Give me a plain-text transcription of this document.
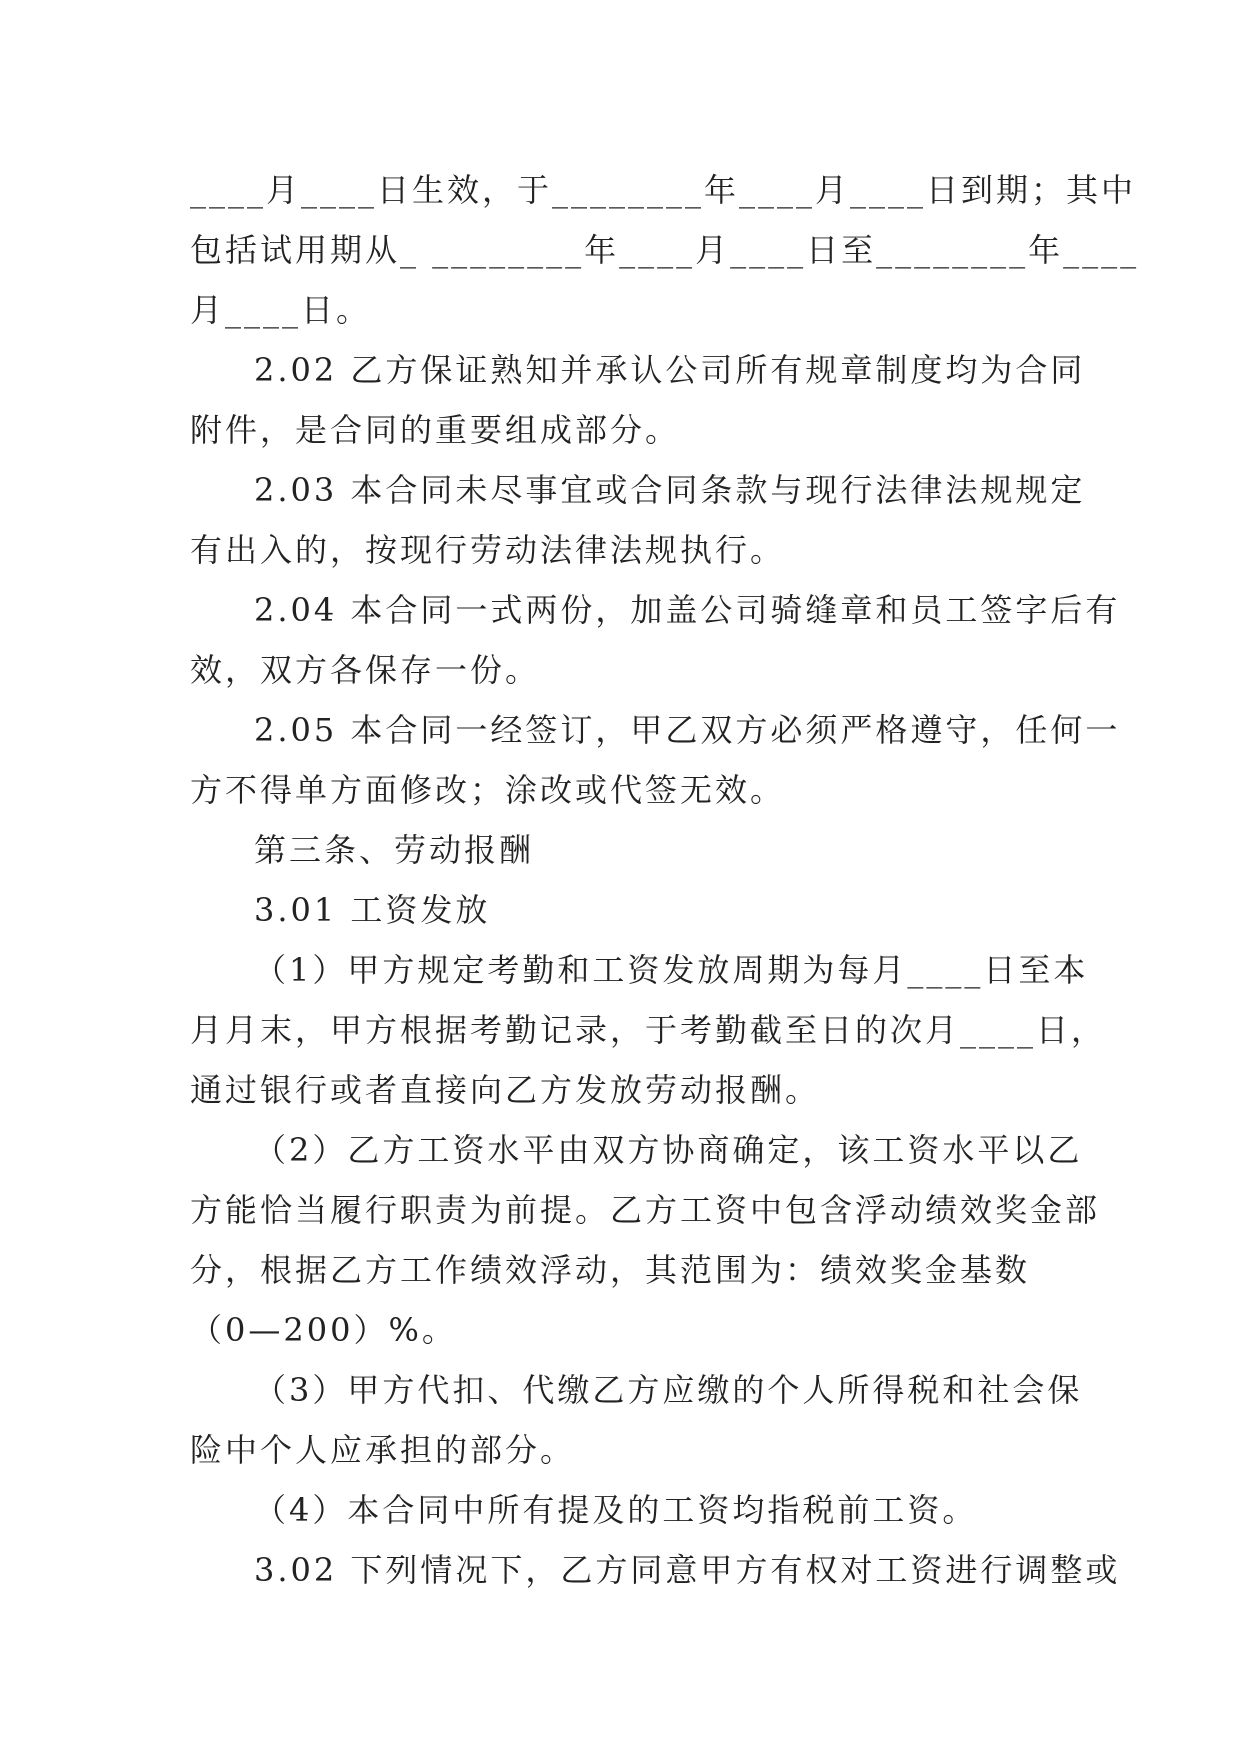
____月____日生效，于________年____月____日到期；其中
包括试用期从_ ________年____月____日至________年____
月____日。
2.02 乙方保证熟知并承认公司所有规章制度均为合同
附件，是合同的重要组成部分。
2.03 本合同未尽事宜或合同条款与现行法律法规规定
有出入的，按现行劳动法律法规执行。
2.04 本合同一式两份，加盖公司骑缝章和员工签字后有
效，双方各保存一份。
2.05 本合同一经签订，甲乙双方必须严格遵守，任何一
方不得单方面修改；涂改或代签无效。
第三条、劳动报酬
3.01 工资发放
（1）甲方规定考勤和工资发放周期为每月____日至本
月月末，甲方根据考勤记录，于考勤截至日的次月____日，
通过银行或者直接向乙方发放劳动报酬。
（2）乙方工资水平由双方协商确定，该工资水平以乙
方能恰当履行职责为前提。乙方工资中包含浮动绩效奖金部
分，根据乙方工作绩效浮动，其范围为：绩效奖金基数
（0—200）%。
（3）甲方代扣、代缴乙方应缴的个人所得税和社会保
险中个人应承担的部分。
（4）本合同中所有提及的工资均指税前工资。
3.02 下列情况下，乙方同意甲方有权对工资进行调整或
